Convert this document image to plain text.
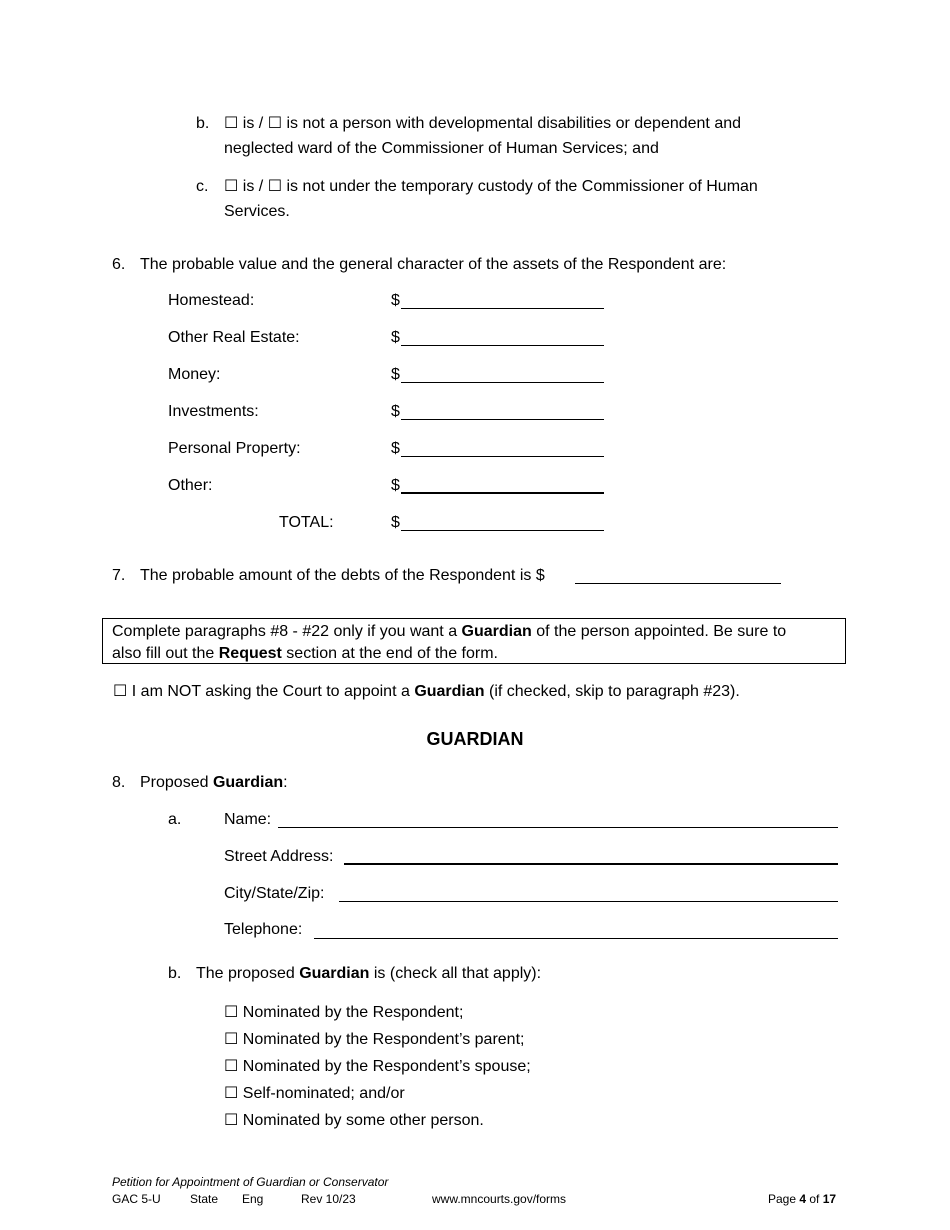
b. ☐ is / ☐ is not a person with developmental disabilities or dependent and
neglected ward of the Commissioner of Human Services; and
c. ☐ is / ☐ is not under the temporary custody of the Commissioner of Human
Services.
6. The probable value and the general character of the assets of the Respondent are:
Homestead:	$
Other Real Estate:	$
Money:	$
Investments:	$
Personal Property:	$
Other:	$
TOTAL:	$
7. The probable amount of the debts of the Respondent is $
Complete paragraphs #8 - #22 only if you want a Guardian of the person appointed. Be sure to
also fill out the Request section at the end of the form.
☐ I am NOT asking the Court to appoint a Guardian (if checked, skip to paragraph #23).
GUARDIAN
8. Proposed Guardian:
a.	Name:
Street Address:
City/State/Zip:
Telephone:
b. The proposed Guardian is (check all that apply):
☐ Nominated by the Respondent;
☐ Nominated by the Respondent’s parent;
☐ Nominated by the Respondent’s spouse;
☐ Self-nominated; and/or
☐ Nominated by some other person.
Petition for Appointment of Guardian or Conservator
GAC 5-U State Eng	Rev 10/23	www.mncourts.gov/forms	Page 4 of 17
